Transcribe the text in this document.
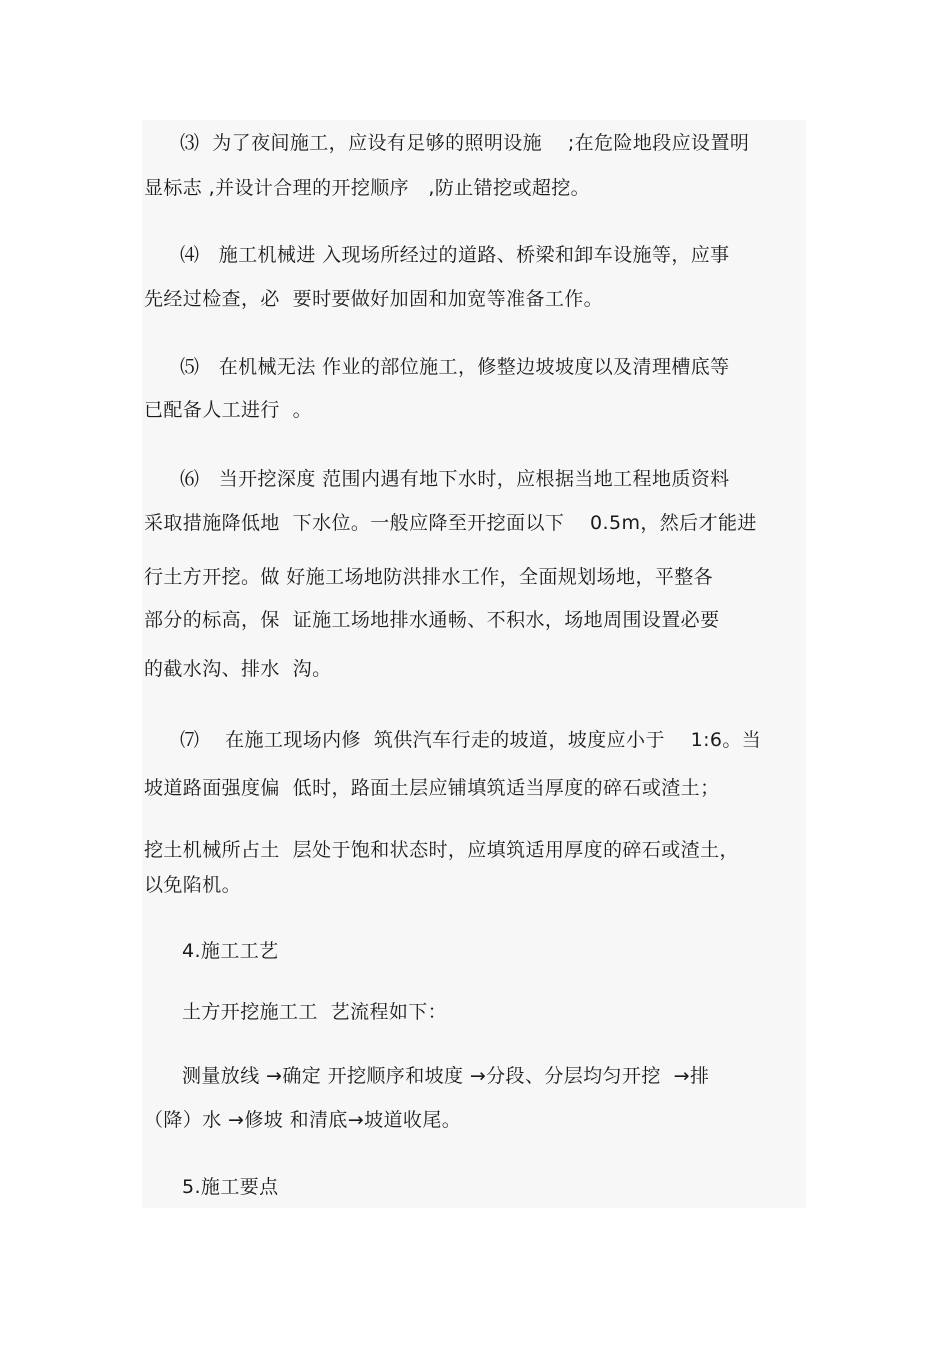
⑶  为了夜间施工，应设有足够的照明设施    ;在危险地段应设置明
显标志 ,并设计合理的开挖顺序   ,防止错挖或超挖。
⑷   施工机械进 入现场所经过的道路、桥梁和卸车设施等，应事
先经过检查，必  要时要做好加固和加宽等准备工作。
⑸   在机械无法 作业的部位施工，修整边坡坡度以及清理槽底等
已配备人工进行  。
⑹   当开挖深度 范围内遇有地下水时，应根据当地工程地质资料
采取措施降低地  下水位。一般应降至开挖面以下    0.5m，然后才能进
行土方开挖。做 好施工场地防洪排水工作，全面规划场地，平整各
部分的标高，保  证施工场地排水通畅、不积水，场地周围设置必要
的截水沟、排水  沟。
⑺    在施工现场内修  筑供汽车行走的坡道，坡度应小于    1:6。当
坡道路面强度偏  低时，路面土层应铺填筑适当厚度的碎石或渣土；
挖土机械所占土  层处于饱和状态时，应填筑适用厚度的碎石或渣土，
以免陷机。
4.施工工艺
土方开挖施工工  艺流程如下：
测量放线 →确定 开挖顺序和坡度 →分段、分层均匀开挖  →排
（降）水 →修坡 和清底→坡道收尾。
5.施工要点
